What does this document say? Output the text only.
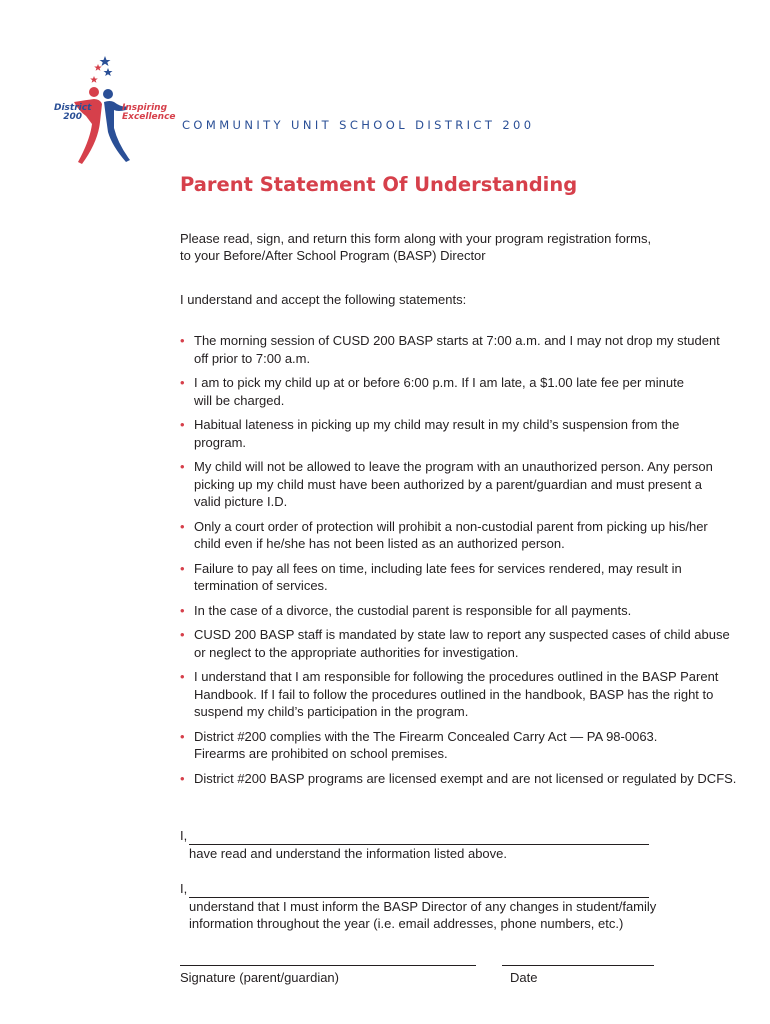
District
200
Inspiring
Excellence
COMMUNITY UNIT SCHOOL DISTRICT 200
Parent Statement Of Understanding
Please read, sign, and return this form along with your program registration forms,
to your Before/After School Program (BASP) Director
I understand and accept the following statements:
• The morning session of CUSD 200 BASP starts at 7:00 a.m. and I may not drop my student
off prior to 7:00 a.m.
• I am to pick my child up at or before 6:00 p.m. If I am late, a $1.00 late fee per minute
will be charged.
• Habitual lateness in picking up my child may result in my child’s suspension from the
program.
• My child will not be allowed to leave the program with an unauthorized person. Any person
picking up my child must have been authorized by a parent/guardian and must present a
valid picture I.D.
• Only a court order of protection will prohibit a non-custodial parent from picking up his/her
child even if he/she has not been listed as an authorized person.
• Failure to pay all fees on time, including late fees for services rendered, may result in
termination of services.
• In the case of a divorce, the custodial parent is responsible for all payments.
• CUSD 200 BASP staff is mandated by state law to report any suspected cases of child abuse
or neglect to the appropriate authorities for investigation.
• I understand that I am responsible for following the procedures outlined in the BASP Parent
Handbook. If I fail to follow the procedures outlined in the handbook, BASP has the right to
suspend my child’s participation in the program.
• District #200 complies with the The Firearm Concealed Carry Act — PA 98-0063.
Firearms are prohibited on school premises.
• District #200 BASP programs are licensed exempt and are not licensed or regulated by DCFS.
I,
have read and understand the information listed above.
I,
understand that I must inform the BASP Director of any changes in student/family
information throughout the year (i.e. email addresses, phone numbers, etc.)
Signature (parent/guardian)	Date
